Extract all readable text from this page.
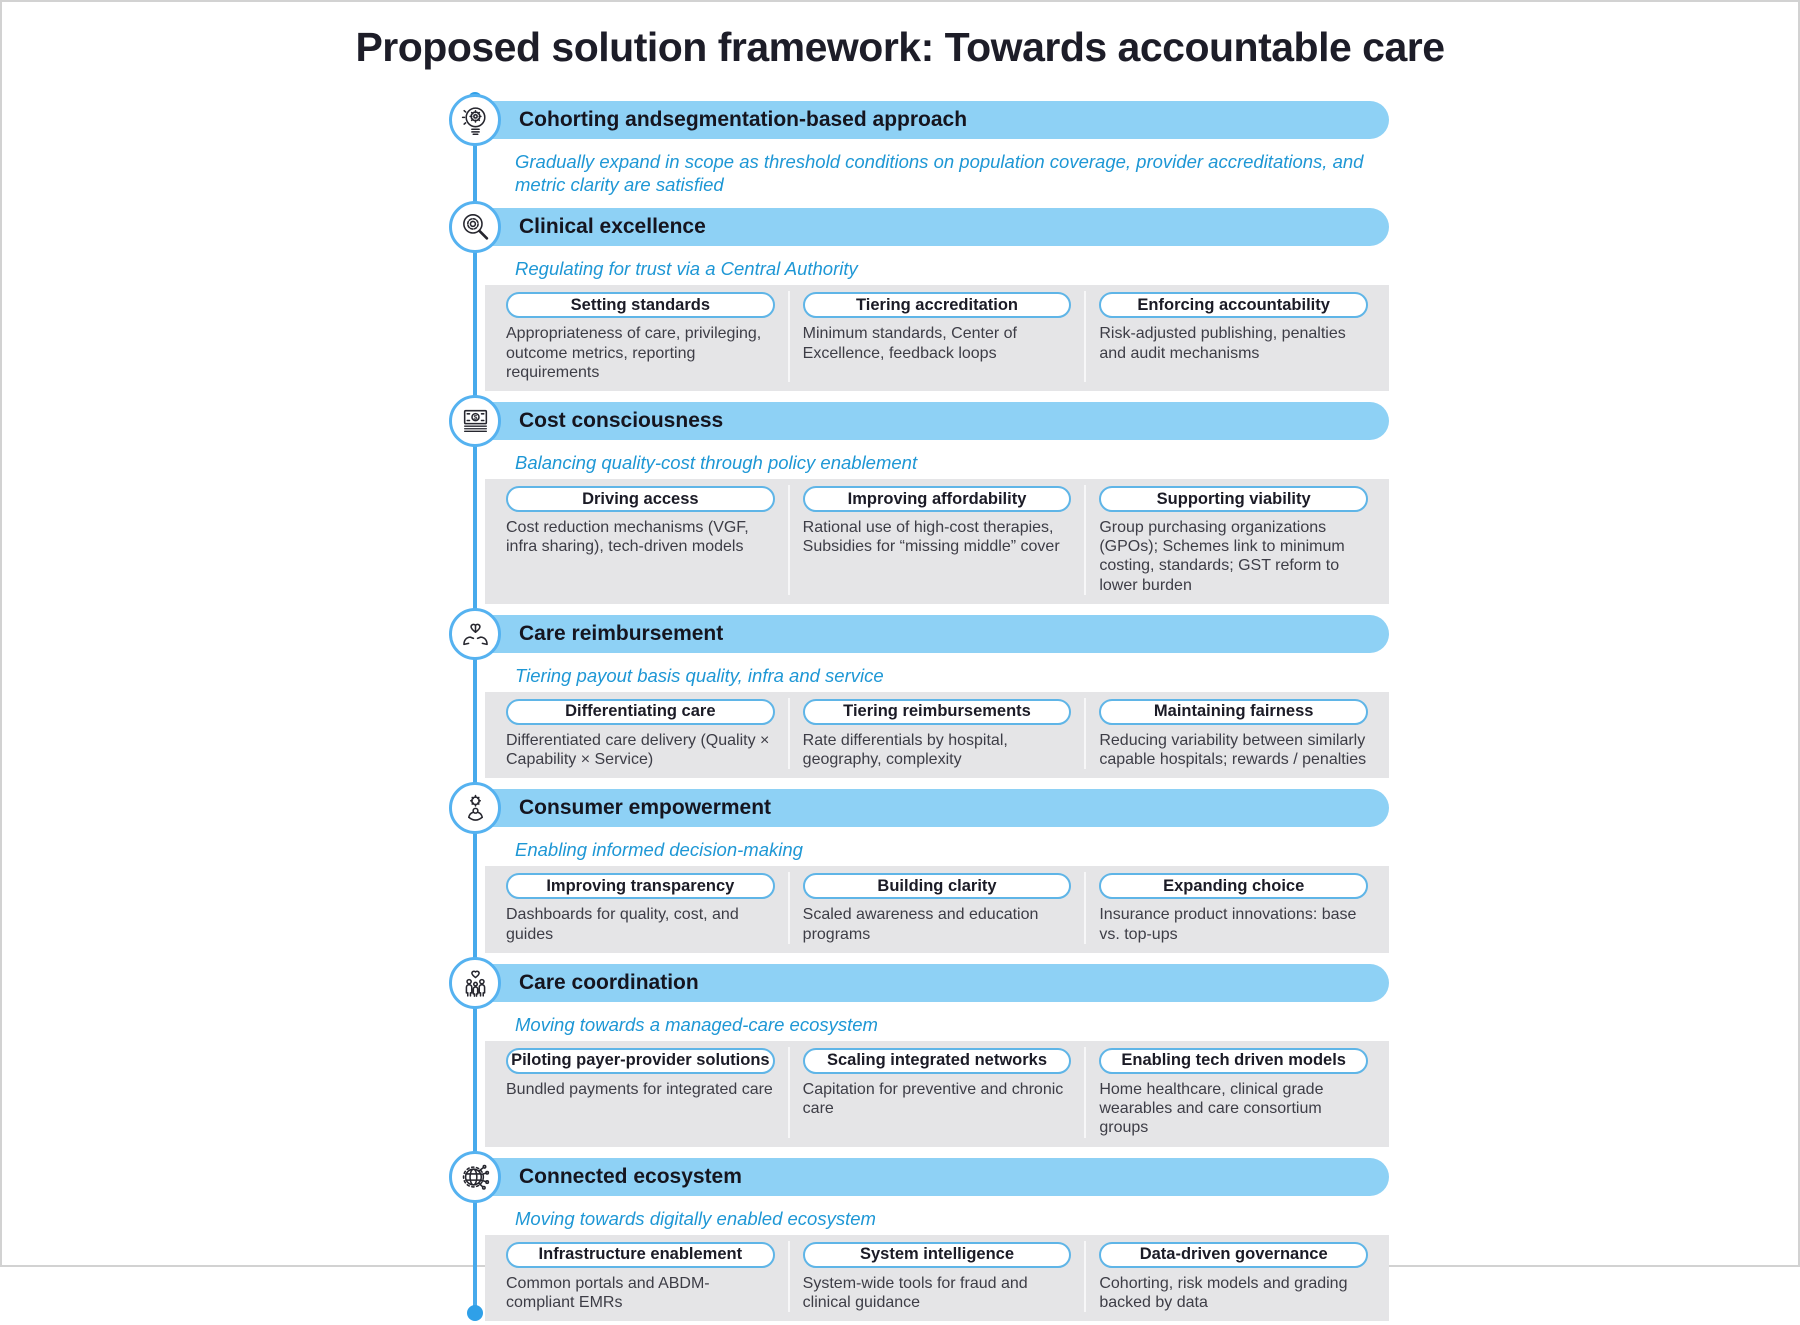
Proposed solution framework: Towards accountable care
Cohorting andsegmentation-based approach
Gradually expand in scope as threshold conditions on population coverage, provider accreditations, and metric clarity are satisfied
Clinical excellence
Regulating for trust via a Central Authority
Setting standards

Appropriateness of care, privileging, outcome metrics, reporting requirements

Tiering accreditation

Minimum standards, Center of Excellence, feedback loops

Enforcing accountability

Risk-adjusted publishing, penalties and audit mechanisms

$ Cost consciousness
Balancing quality-cost through policy enablement
Driving access

Cost reduction mechanisms (VGF, infra sharing), tech-driven models

Improving affordability

Rational use of high-cost therapies, Subsidies for “missing middle” cover

Supporting viability

Group purchasing organizations (GPOs); Schemes link to minimum costing, standards; GST reform to lower burden

Care reimbursement
Tiering payout basis quality, infra and service
Differentiating care

Differentiated care delivery (Quality × Capability × Service)

Tiering reimbursements

Rate differentials by hospital, geography, complexity

Maintaining fairness

Reducing variability between similarly capable hospitals; rewards / penalties

Consumer empowerment
Enabling informed decision-making
Improving transparency

Dashboards for quality, cost, and guides

Building clarity

Scaled awareness and education programs

Expanding choice

Insurance product innovations: base vs. top-ups

Care coordination
Moving towards a managed-care ecosystem
Piloting payer-provider solutions

Bundled payments for integrated care

Scaling integrated networks

Capitation for preventive and chronic care

Enabling tech driven models

Home healthcare, clinical grade wearables and care consortium groups

Connected ecosystem
Moving towards digitally enabled ecosystem
Infrastructure enablement

Common portals and ABDM-compliant EMRs

System intelligence

System-wide tools for fraud and clinical guidance

Data-driven governance

Cohorting, risk models and grading backed by data
